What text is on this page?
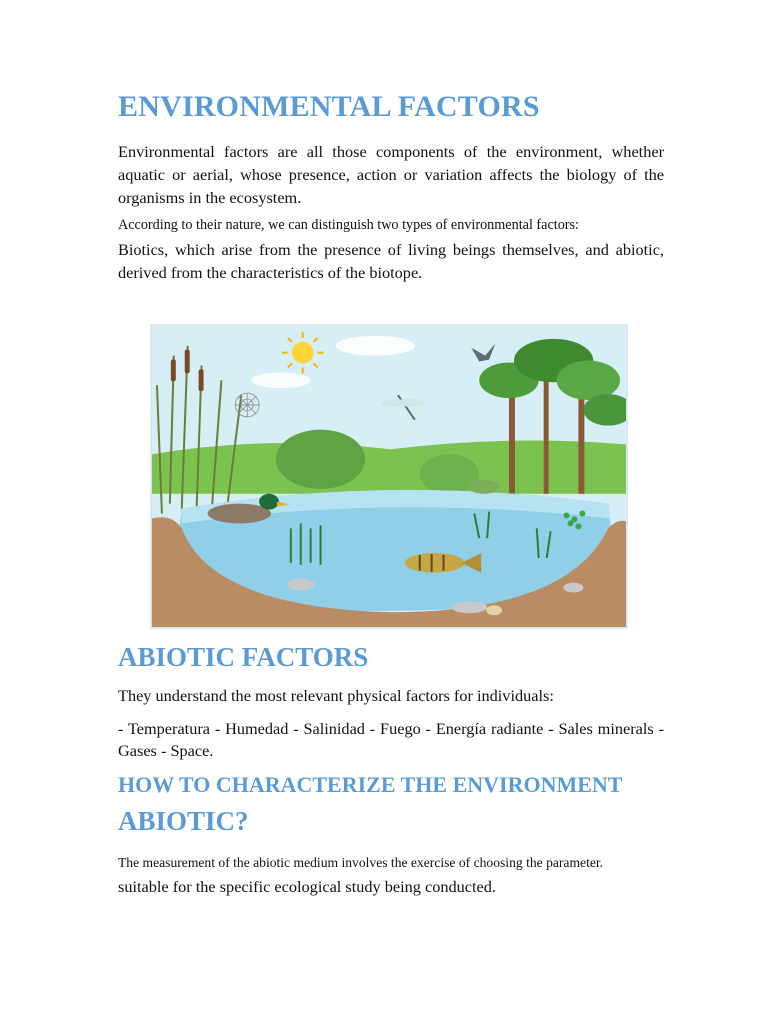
ENVIRONMENTAL FACTORS

Environmental factors are all those components of the environment, whether aquatic or aerial, whose presence, action or variation affects the biology of the organisms in the ecosystem.

According to their nature, we can distinguish two types of environmental factors:

Biotics, which arise from the presence of living beings themselves, and abiotic, derived from the characteristics of the biotope.

ABIOTIC FACTORS

They understand the most relevant physical factors for individuals:

- Temperatura - Humedad - Salinidad - Fuego - Energía radiante - Sales minerals - Gases - Space.

HOW TO CHARACTERIZE THE ENVIRONMENT
ABIOTIC?

The measurement of the abiotic medium involves the exercise of choosing the parameter.

suitable for the specific ecological study being conducted.
